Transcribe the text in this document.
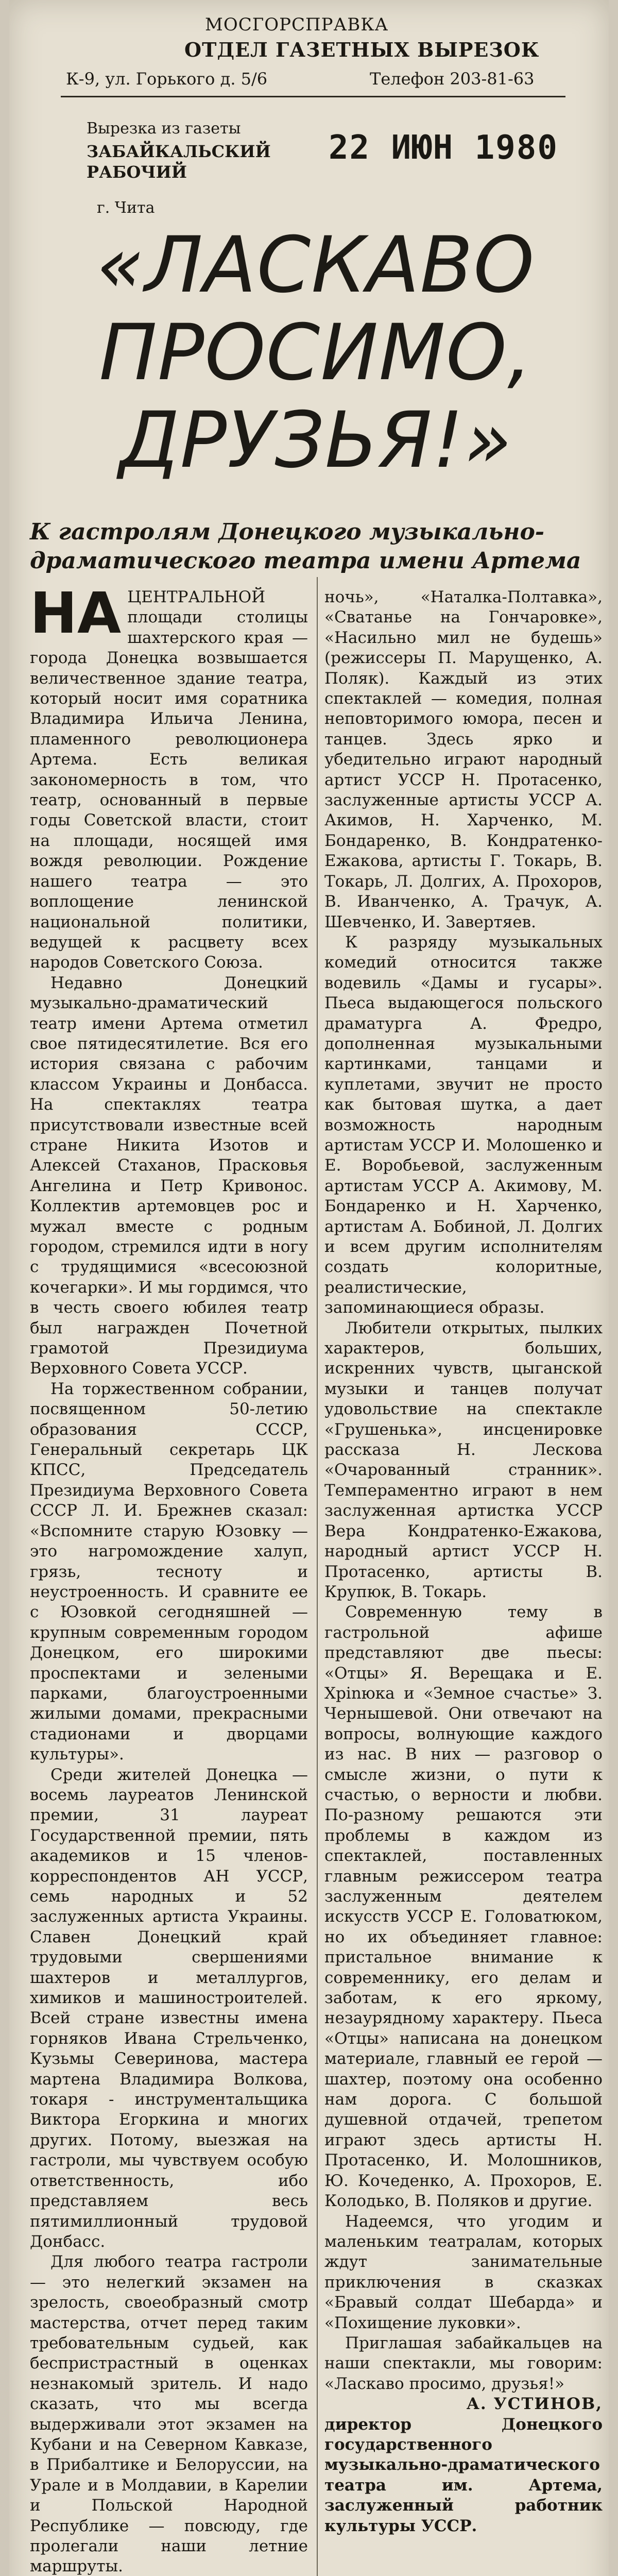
МОСГОРСПРАВКА
ОТДЕЛ ГАЗЕТНЫХ ВЫРЕЗОК
К-9, ул. Горького д. 5/6	Телефон 203-81-63
Вырезка из газеты
ЗАБАЙКАЛЬСКИЙ РАБОЧИЙ
г. Чита
22 ИЮН 1980
«ЛАСКАВО ПРОСИМО, ДРУЗЬЯ!»
К гастролям Донецкого музыкально-драматического театра имени Артема

НА ЦЕНТРАЛЬНОЙ площади столицы шахтерского края — города Донецка возвышается величественное здание театра, который носит имя соратника Владимира Ильича Ленина, пламенного революционера Артема. Есть великая закономерность в том, что театр, основанный в первые годы Советской власти, стоит на площади, носящей имя вождя революции. Рождение нашего театра — это воплощение ленинской национальной политики, ведущей к расцвету всех народов Советского Союза.

Недавно Донецкий музыкально-драматический театр имени Артема отметил свое пятидесятилетие. Вся его история связана с рабочим классом Украины и Донбасса. На спектаклях театра присутствовали известные всей стране Никита Изотов и Алексей Стаханов, Прасковья Ангелина и Петр Кривонос. Коллектив артемовцев рос и мужал вместе с родным городом, стремился идти в ногу с трудящимися «всесоюзной кочегарки». И мы гордимся, что в честь своего юбилея театр был награжден Почетной грамотой Президиума Верховного Совета УССР.

На торжественном собрании, посвященном 50-летию образования СССР, Генеральный секретарь ЦК КПСС, Председатель Президиума Верховного Совета СССР Л. И. Брежнев сказал: «Вспомните старую Юзовку — это нагромождение халуп, грязь, тесноту и неустроенность. И сравните ее с Юзовкой сегодняшней — крупным современным городом Донецком, его широкими проспектами и зелеными парками, благоустроенными жилыми домами, прекрасными стадионами и дворцами культуры».

Среди жителей Донецка — восемь лауреатов Ленинской премии, 31 лауреат Государственной премии, пять академиков и 15 членов-корреспондентов АН УССР, семь народных и 52 заслуженных артиста Украины. Славен Донецкий край трудовыми свершениями шахтеров и металлургов, химиков и машиностроителей. Всей стране известны имена горняков Ивана Стрельченко, Кузьмы Северинова, мастера мартена Владимира Волкова, токаря - инструментальщика Виктора Егоркина и многих других. Потому, выезжая на гастроли, мы чувствуем особую ответственность, ибо представляем весь пятимиллионный трудовой Донбасс.

Для любого театра гастроли — это нелегкий экзамен на зрелость, своеобразный смотр мастерства, отчет перед таким требовательным судьей, как беспристрастный в оценках незнакомый зритель. И надо сказать, что мы всегда выдерживали этот экзамен на Кубани и на Северном Кавказе, в Прибалтике и Белоруссии, на Урале и в Молдавии, в Карелии и Польской Народной Республике — повсюду, где пролегали наши летние маршруты.

ночь», «Наталка-Полтавка», «Сватанье на Гончаровке», «Насильно мил не будешь» (режиссеры П. Марущенко, А. Поляк). Каждый из этих спектаклей — комедия, полная неповторимого юмора, песен и танцев. Здесь ярко и убедительно играют народный артист УССР Н. Протасенко, заслуженные артисты УССР А. Акимов, Н. Харченко, М. Бондаренко, В. Кондратенко-Ежакова, артисты Г. Токарь, В. Токарь, Л. Долгих, А. Прохоров, В. Иванченко, А. Трачук, А. Шевченко, И. Завертяев.

К разряду музыкальных комедий относится также водевиль «Дамы и гусары». Пьеса выдающегося польского драматурга А. Фредро, дополненная музыкальными картинками, танцами и куплетами, звучит не просто как бытовая шутка, а дает возможность народным артистам УССР И. Молошенко и Е. Воробьевой, заслуженным артистам УССР А. Акимову, М. Бондаренко и Н. Харченко, артистам А. Бобиной, Л. Долгих и всем другим исполнителям создать колоритные, реалистические, запоминающиеся образы.

Любители открытых, пылких характеров, больших, искренних чувств, цыганской музыки и танцев получат удовольствие на спектакле «Грушенька», инсценировке рассказа Н. Лескова «Очарованный странник». Темпераментно играют в нем заслуженная артистка УССР Вера Кондратенко-Ежакова, народный артист УССР Н. Протасенко, артисты В. Крупюк, В. Токарь.

Современную тему в гастрольной афише представляют две пьесы: «Отцы» Я. Верещака и Е. Хрinюка и «Земное счастье» З. Чернышевой. Они отвечают на вопросы, волнующие каждого из нас. В них — разговор о смысле жизни, о пути к счастью, о верности и любви. По-разному решаются эти проблемы в каждом из спектаклей, поставленных главным режиссером театра заслуженным деятелем искусств УССР Е. Головатюком, но их объединяет главное: пристальное внимание к современнику, его делам и заботам, к его яркому, незаурядному характеру. Пьеса «Отцы» написана на донецком материале, главный ее герой — шахтер, поэтому она особенно нам дорога. С большой душевной отдачей, трепетом играют здесь артисты Н. Протасенко, И. Молошников, Ю. Кочеденко, А. Прохоров, Е. Колодько, В. Поляков и другие.

Надеемся, что угодим и маленьким театралам, которых ждут занимательные приключения в сказках «Бравый солдат Шебарда» и «Похищение луковки».

Приглашая забайкальцев на наши спектакли, мы говорим: «Ласкаво просимо, друзья!»

А. УСТИНОВ,

директор Донецкого государственного музыкально-драматического театра им. Артема, заслуженный работник культуры УССР.
